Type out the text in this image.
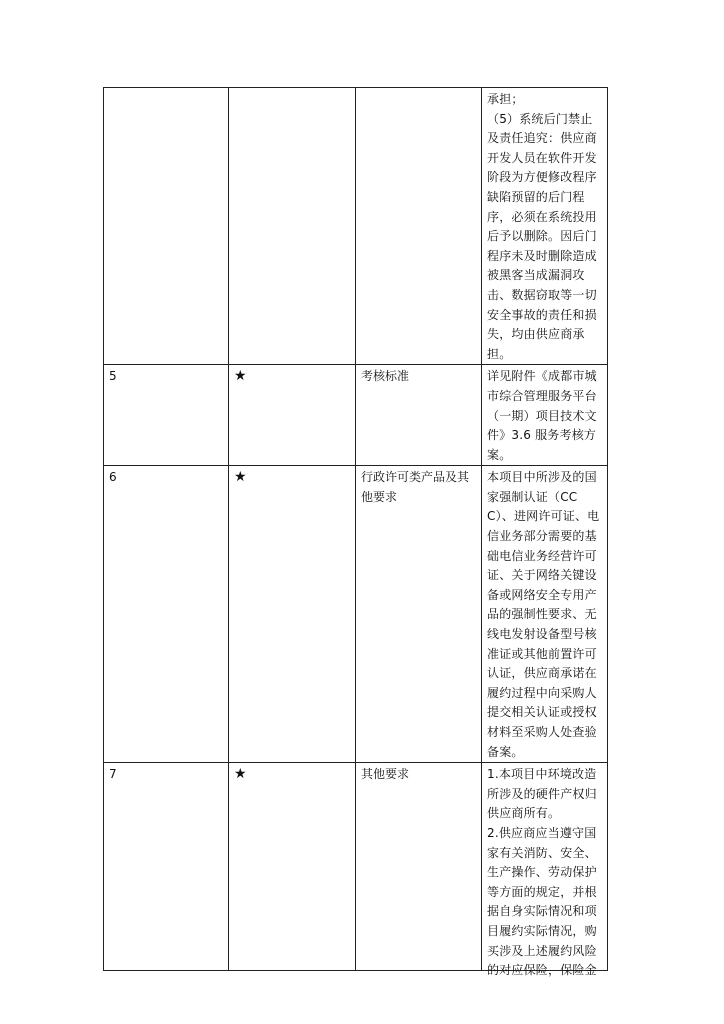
			承担；

（5）系统后门禁止及责任追究：供应商开发人员在软件开发阶段为方便修改程序缺陷预留的后门程序，必须在系统投用后予以删除。因后门程序未及时删除造成被黑客当成漏洞攻击、数据窃取等一切安全事故的责任和损失，均由供应商承担。

5	★	考核标准	详见附件《成都市城市综合管理服务平台（一期）项目技术文件》3.6 服务考核方案。

6	★	行政许可类产品及其他要求	本项目中所涉及的国家强制认证（CCC）、进网许可证、电信业务部分需要的基础电信业务经营许可证、关于网络关键设备或网络安全专用产品的强制性要求、无线电发射设备型号核准证或其他前置许可认证，供应商承诺在履约过程中向采购人提交相关认证或授权材料至采购人处查验备案。

7	★	其他要求	1.本项目中环境改造所涉及的硬件产权归供应商所有。

2.供应商应当遵守国家有关消防、安全、生产操作、劳动保护等方面的规定，并根据自身实际情况和项目履约实际情况，购买涉及上述履约风险的对应保险，保险金
